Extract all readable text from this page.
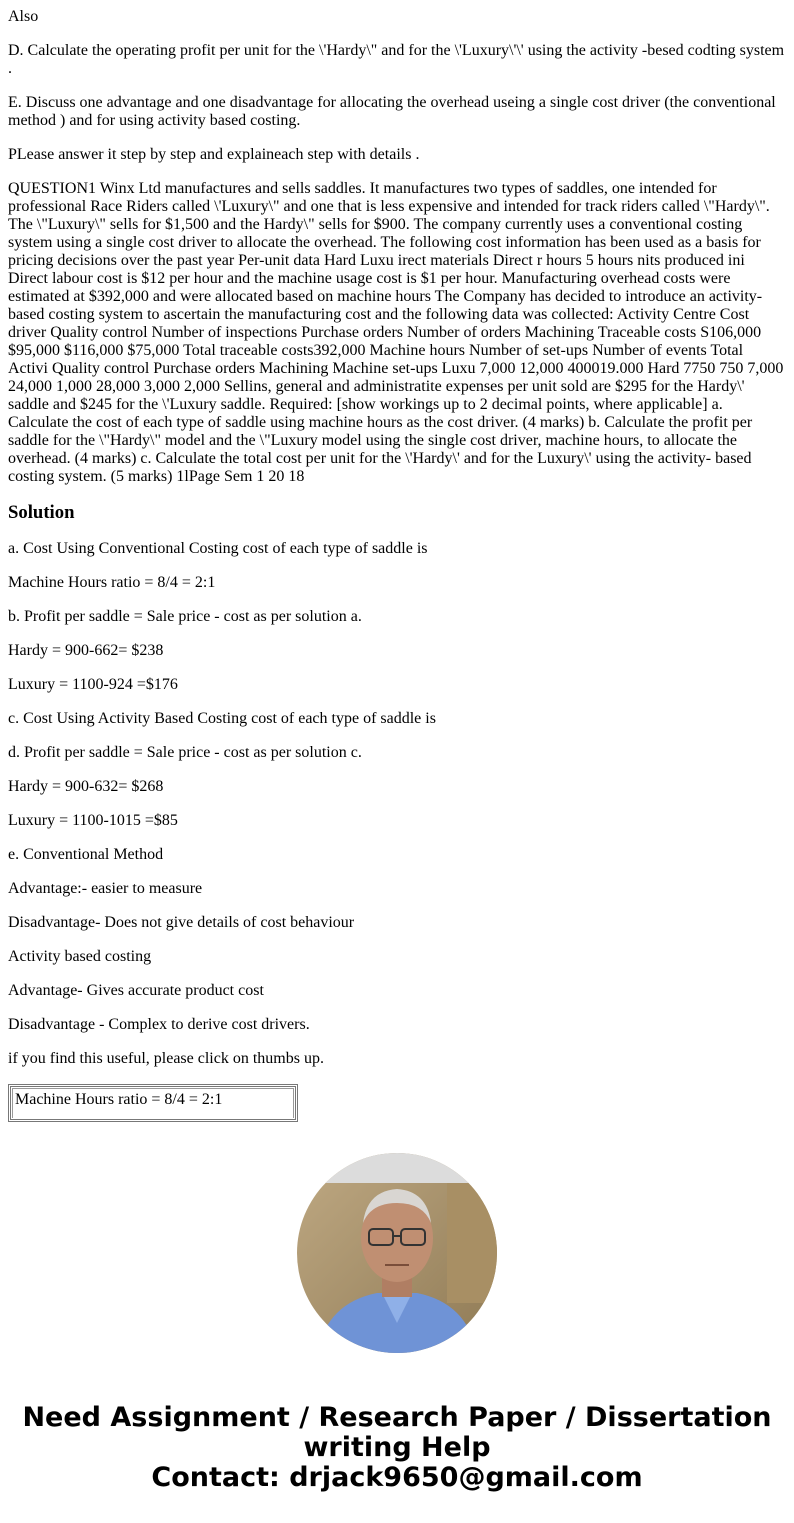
Also

D. Calculate the operating profit per unit for the \'Hardy\" and for the \'Luxury\'\' using the activity -besed codting system .

E. Discuss one advantage and one disadvantage for allocating the overhead useing a single cost driver (the conventional method ) and for using activity based costing.

PLease answer it step by step and explaineach step with details .

QUESTION1 Winx Ltd manufactures and sells saddles. It manufactures two types of saddles, one intended for professional Race Riders called \'Luxury\" and one that is less expensive and intended for track riders called \"Hardy\". The \"Luxury\" sells for $1,500 and the Hardy\" sells for $900. The company currently uses a conventional costing system using a single cost driver to allocate the overhead. The following cost information has been used as a basis for pricing decisions over the past year Per-unit data Hard Luxu irect materials Direct r hours 5 hours nits produced ini Direct labour cost is $12 per hour and the machine usage cost is $1 per hour. Manufacturing overhead costs were estimated at $392,000 and were allocated based on machine hours The Company has decided to introduce an activity-based costing system to ascertain the manufacturing cost and the following data was collected: Activity Centre Cost driver Quality control Number of inspections Purchase orders Number of orders Machining Traceable costs S106,000 $95,000 $116,000 $75,000 Total traceable costs392,000 Machine hours Number of set-ups Number of events Total Activi Quality control Purchase orders Machining Machine set-ups Luxu 7,000 12,000 400019.000 Hard 7750 750 7,000 24,000 1,000 28,000 3,000 2,000 Sellins, general and administratite expenses per unit sold are $295 for the Hardy\' saddle and $245 for the \'Luxury saddle. Required: [show workings up to 2 decimal points, where applicable] a. Calculate the cost of each type of saddle using machine hours as the cost driver. (4 marks) b. Calculate the profit per saddle for the \"Hardy\" model and the \"Luxury model using the single cost driver, machine hours, to allocate the overhead. (4 marks) c. Calculate the total cost per unit for the \'Hardy\' and for the Luxury\' using the activity- based costing system. (5 marks) 1lPage Sem 1 20 18

Solution

a. Cost Using Conventional Costing cost of each type of saddle is

Machine Hours ratio = 8/4 = 2:1

b. Profit per saddle = Sale price - cost as per solution a.

Hardy = 900-662= $238

Luxury = 1100-924 =$176

c. Cost Using Activity Based Costing cost of each type of saddle is

d. Profit per saddle = Sale price - cost as per solution c.

Hardy = 900-632= $268

Luxury = 1100-1015 =$85

e. Conventional Method

Advantage:- easier to measure

Disadvantage- Does not give details of cost behaviour

Activity based costing

Advantage- Gives accurate product cost

Disadvantage - Complex to derive cost drivers.

if you find this useful, please click on thumbs up.

Machine Hours ratio = 8/4 = 2:1
Need Assignment / Research Paper / Dissertation
writing Help
Contact: drjack9650@gmail.com
